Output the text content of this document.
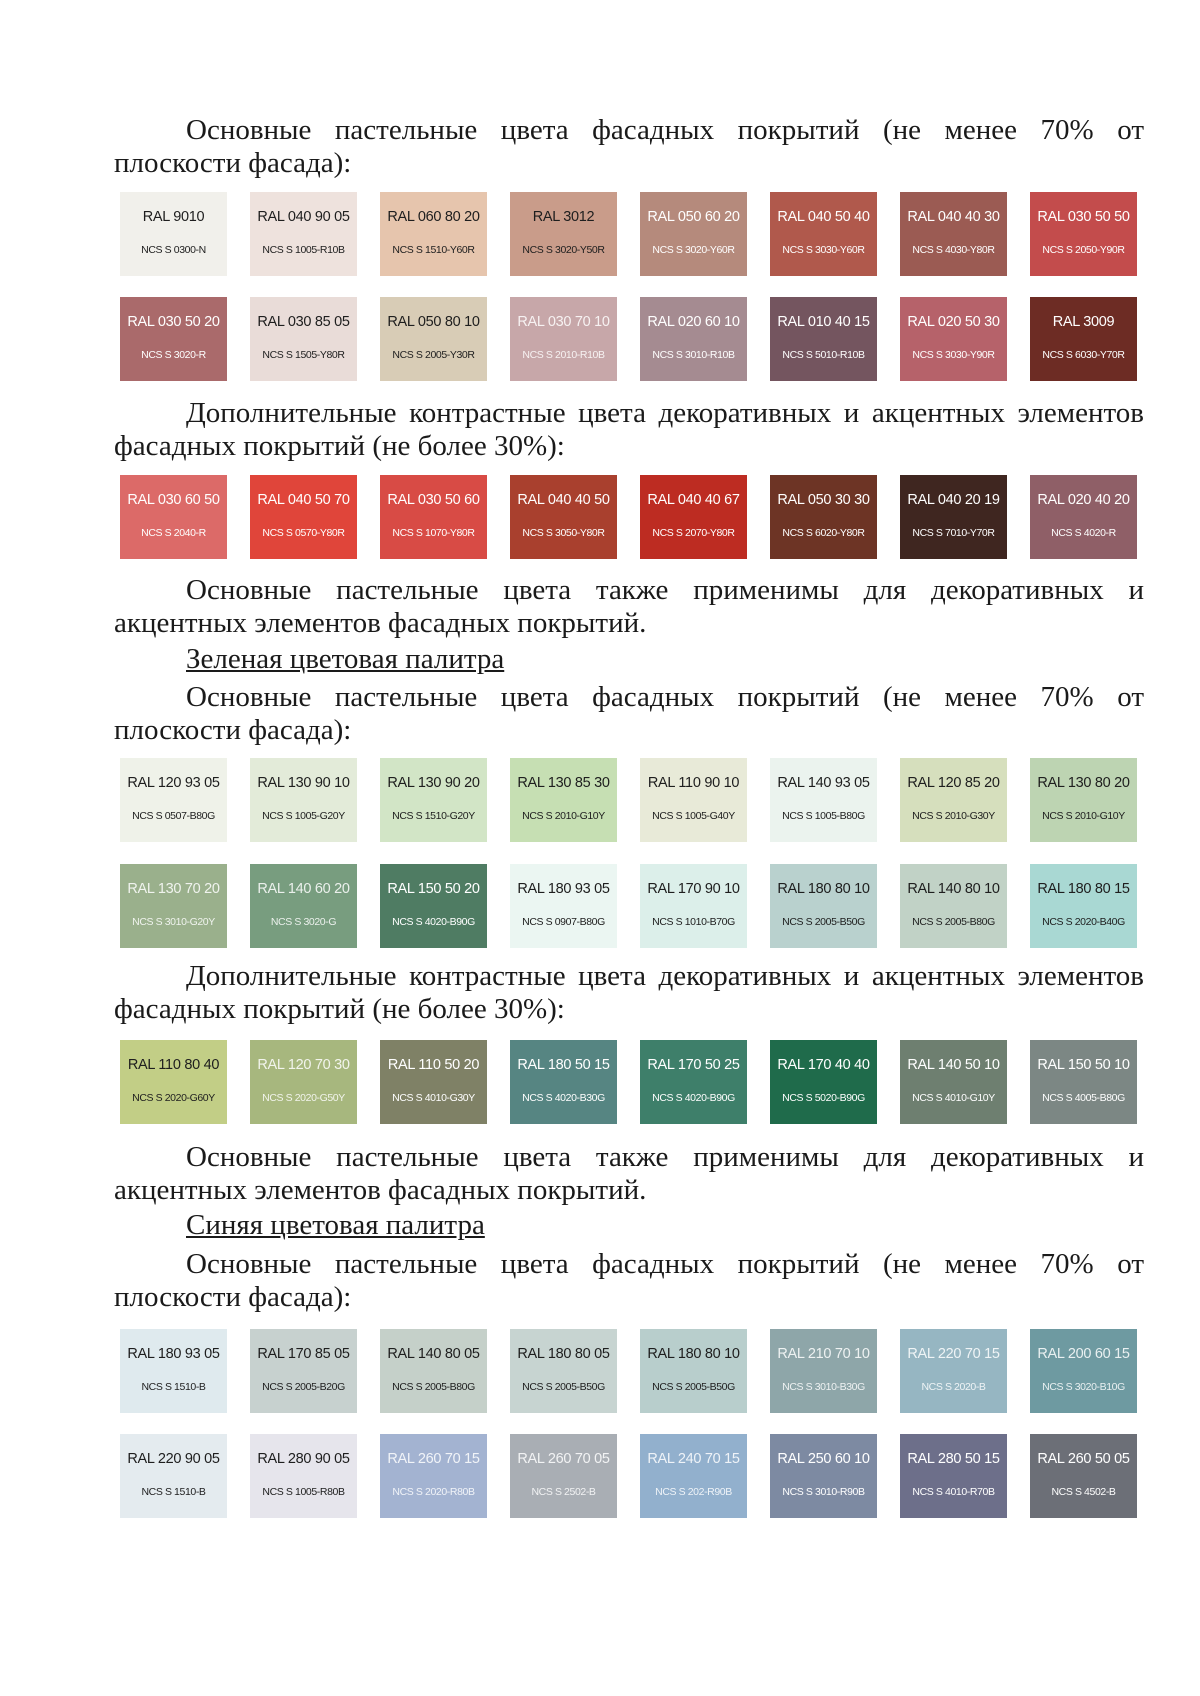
Основные пастельные цвета фасадных покрытий (не менее 70% от плоскости фасада):
RAL 9010
NCS S 0300-N
RAL 040 90 05
NCS S 1005-R10B
RAL 060 80 20
NCS S 1510-Y60R
RAL 3012
NCS S 3020-Y50R
RAL 050 60 20
NCS S 3020-Y60R
RAL 040 50 40
NCS S 3030-Y60R
RAL 040 40 30
NCS S 4030-Y80R
RAL 030 50 50
NCS S 2050-Y90R
RAL 030 50 20
NCS S 3020-R
RAL 030 85 05
NCS S 1505-Y80R
RAL 050 80 10
NCS S 2005-Y30R
RAL 030 70 10
NCS S 2010-R10B
RAL 020 60 10
NCS S 3010-R10B
RAL 010 40 15
NCS S 5010-R10B
RAL 020 50 30
NCS S 3030-Y90R
RAL 3009
NCS S 6030-Y70R
Дополнительные контрастные цвета декоративных и акцентных элементов фасадных покрытий (не более 30%):
RAL 030 60 50
NCS S 2040-R
RAL 040 50 70
NCS S 0570-Y80R
RAL 030 50 60
NCS S 1070-Y80R
RAL 040 40 50
NCS S 3050-Y80R
RAL 040 40 67
NCS S 2070-Y80R
RAL 050 30 30
NCS S 6020-Y80R
RAL 040 20 19
NCS S 7010-Y70R
RAL 020 40 20
NCS S 4020-R
Основные пастельные цвета также применимы для декоративных и акцентных элементов фасадных покрытий.
Зеленая цветовая палитра
Основные пастельные цвета фасадных покрытий (не менее 70% от плоскости фасада):
RAL 120 93 05
NCS S 0507-B80G
RAL 130 90 10
NCS S 1005-G20Y
RAL 130 90 20
NCS S 1510-G20Y
RAL 130 85 30
NCS S 2010-G10Y
RAL 110 90 10
NCS S 1005-G40Y
RAL 140 93 05
NCS S 1005-B80G
RAL 120 85 20
NCS S 2010-G30Y
RAL 130 80 20
NCS S 2010-G10Y
RAL 130 70 20
NCS S 3010-G20Y
RAL 140 60 20
NCS S 3020-G
RAL 150 50 20
NCS S 4020-B90G
RAL 180 93 05
NCS S 0907-B80G
RAL 170 90 10
NCS S 1010-B70G
RAL 180 80 10
NCS S 2005-B50G
RAL 140 80 10
NCS S 2005-B80G
RAL 180 80 15
NCS S 2020-B40G
Дополнительные контрастные цвета декоративных и акцентных элементов фасадных покрытий (не более 30%):
RAL 110 80 40
NCS S 2020-G60Y
RAL 120 70 30
NCS S 2020-G50Y
RAL 110 50 20
NCS S 4010-G30Y
RAL 180 50 15
NCS S 4020-B30G
RAL 170 50 25
NCS S 4020-B90G
RAL 170 40 40
NCS S 5020-B90G
RAL 140 50 10
NCS S 4010-G10Y
RAL 150 50 10
NCS S 4005-B80G
Основные пастельные цвета также применимы для декоративных и акцентных элементов фасадных покрытий.
Синяя цветовая палитра
Основные пастельные цвета фасадных покрытий (не менее 70% от плоскости фасада):
RAL 180 93 05
NCS S 1510-B
RAL 170 85 05
NCS S 2005-B20G
RAL 140 80 05
NCS S 2005-B80G
RAL 180 80 05
NCS S 2005-B50G
RAL 180 80 10
NCS S 2005-B50G
RAL 210 70 10
NCS S 3010-B30G
RAL 220 70 15
NCS S 2020-B
RAL 200 60 15
NCS S 3020-B10G
RAL 220 90 05
NCS S 1510-B
RAL 280 90 05
NCS S 1005-R80B
RAL 260 70 15
NCS S 2020-R80B
RAL 260 70 05
NCS S 2502-B
RAL 240 70 15
NCS S 202-R90B
RAL 250 60 10
NCS S 3010-R90B
RAL 280 50 15
NCS S 4010-R70B
RAL 260 50 05
NCS S 4502-B
